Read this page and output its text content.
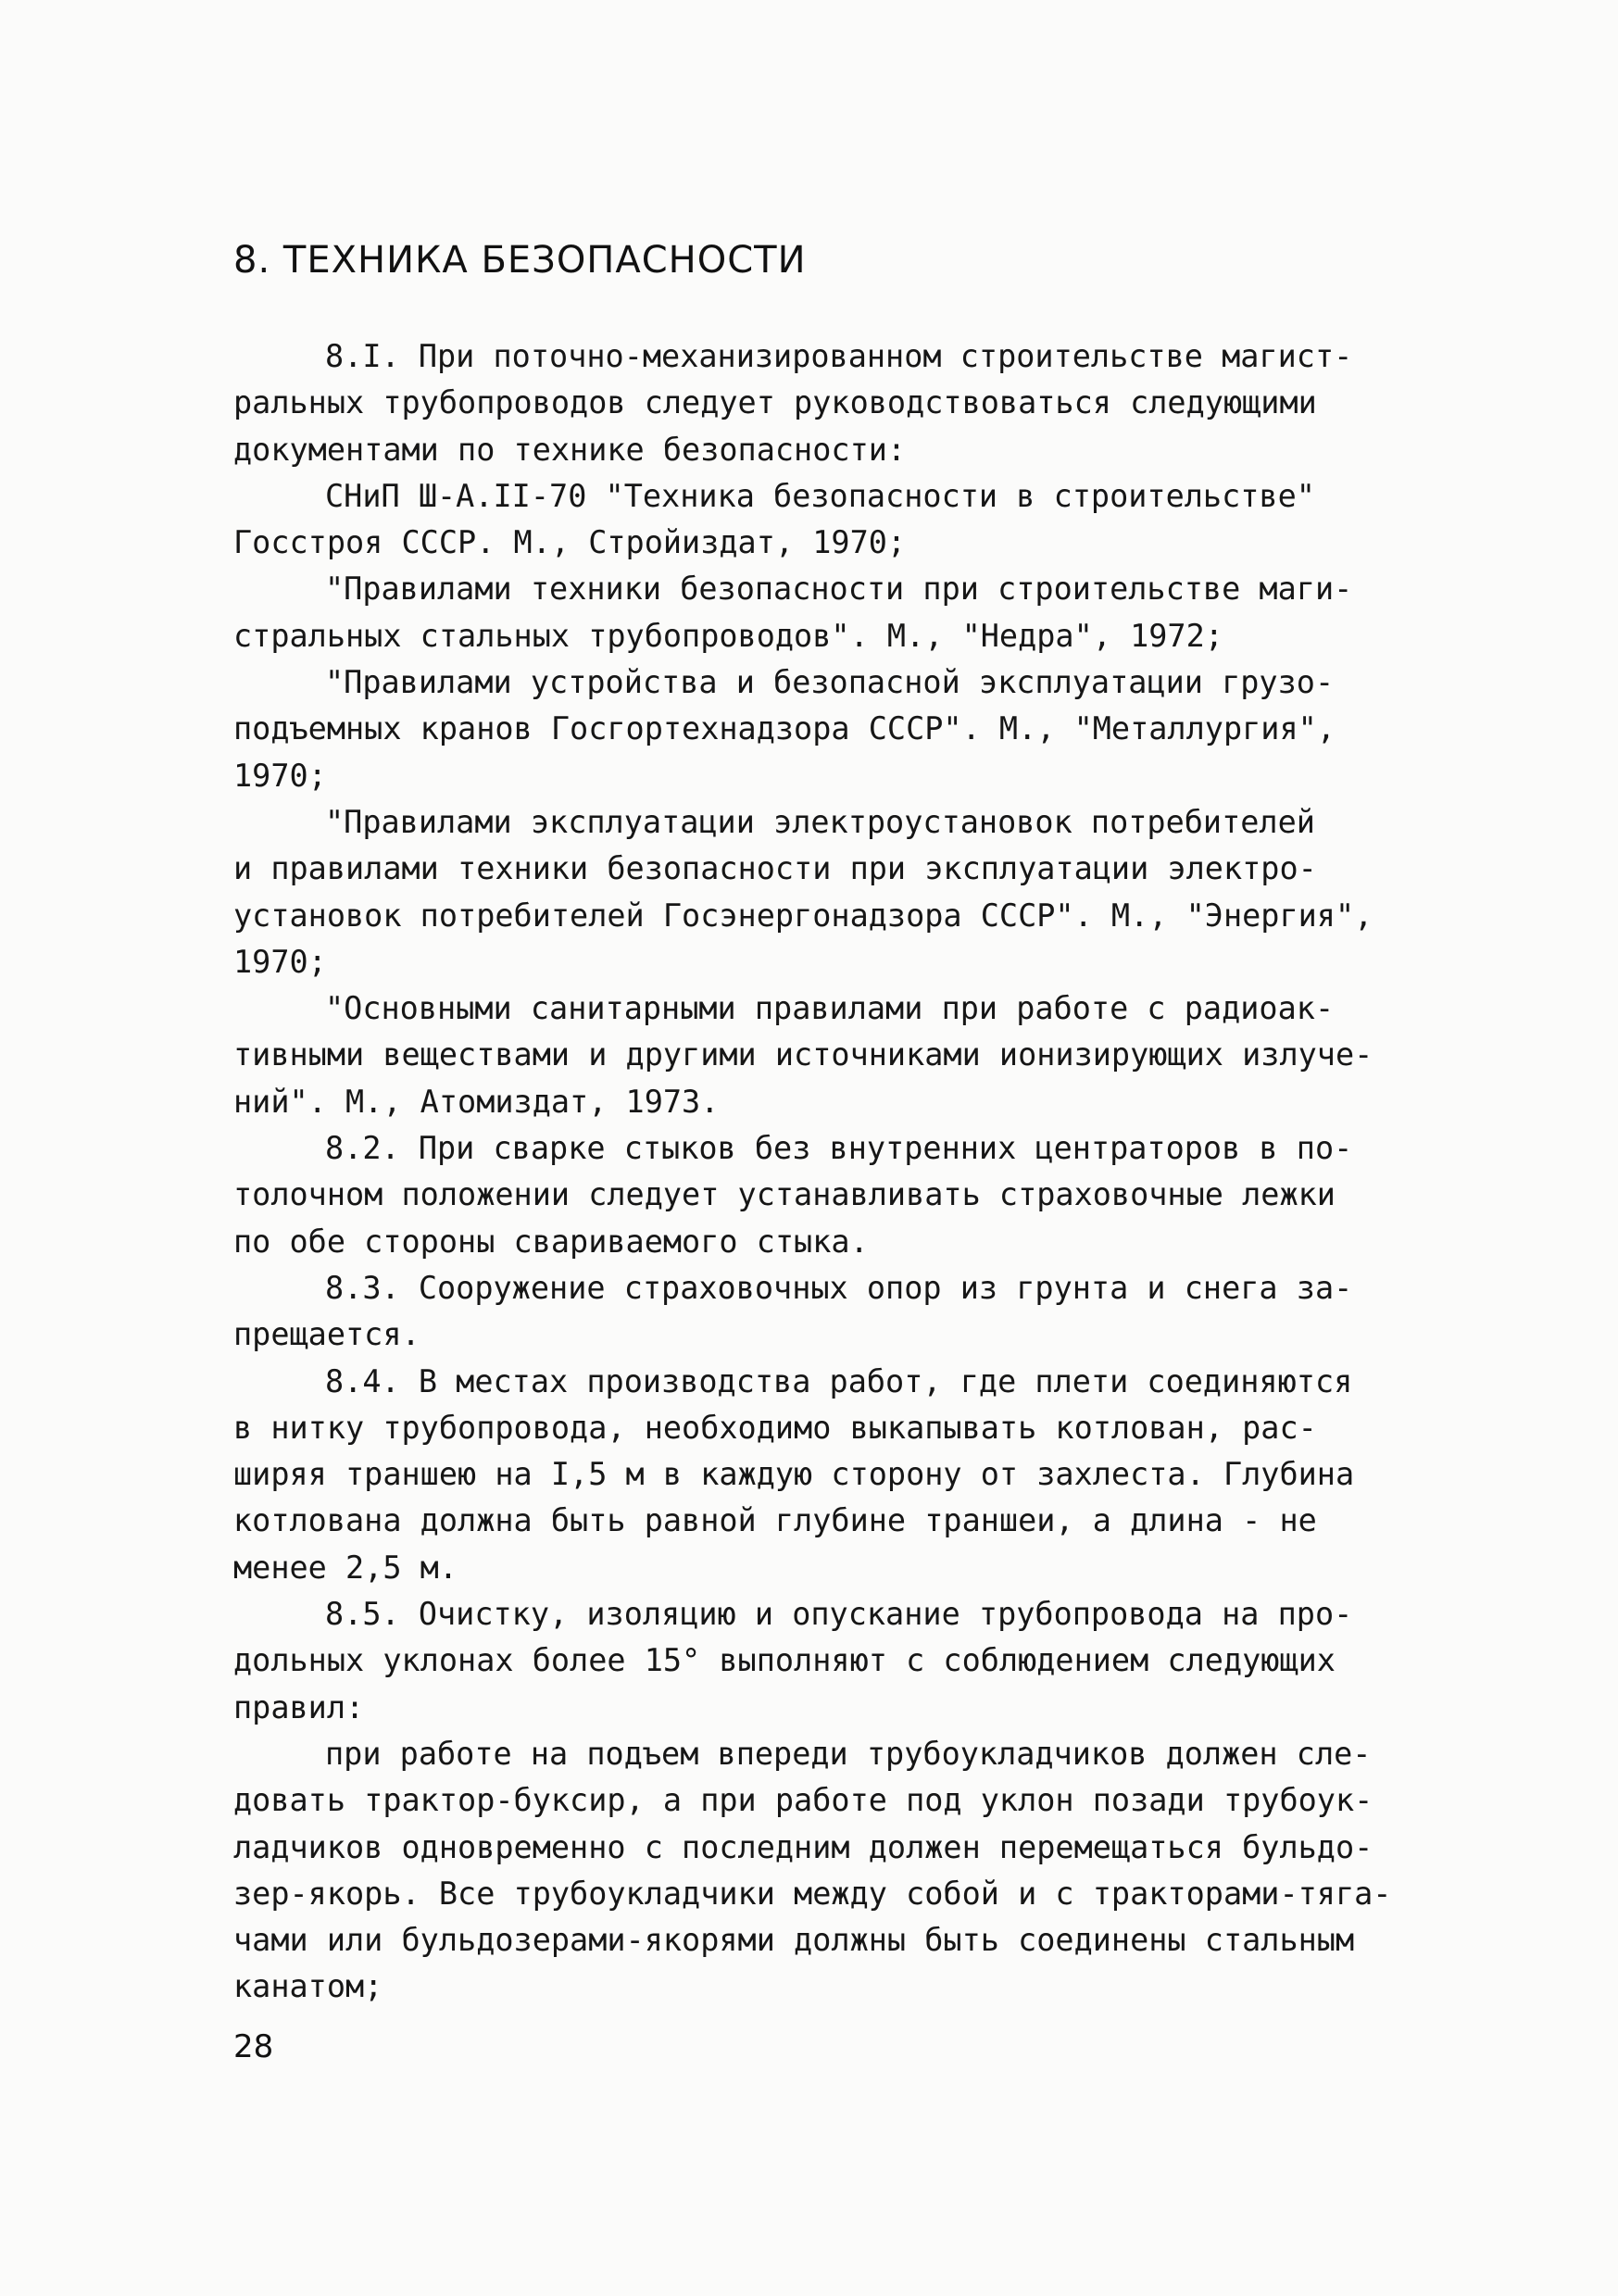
8. ТЕХНИКА БЕЗОПАСНОСТИ
8.I. При поточно-механизированном строительстве магист-
ральных трубопроводов следует руководствоваться следующими
документами по технике безопасности:
СНиП Ш-А.II-70 "Техника безопасности в строительстве"
Госстроя СССР. М., Стройиздат, 1970;
"Правилами техники безопасности при строительстве маги-
стральных стальных трубопроводов". М., "Недра", 1972;
"Правилами устройства и безопасной эксплуатации грузо-
подъемных кранов Госгортехнадзора СССР". М., "Металлургия",
1970;
"Правилами эксплуатации электроустановок потребителей
и правилами техники безопасности при эксплуатации электро-
установок потребителей Госэнергонадзора СССР". М., "Энергия",
1970;
"Основными санитарными правилами при работе с радиоак-
тивными веществами и другими источниками ионизирующих излуче-
ний". М., Атомиздат, 1973.
8.2. При сварке стыков без внутренних центраторов в по-
толочном положении следует устанавливать страховочные лежки
по обе стороны свариваемого стыка.
8.3. Сооружение страховочных опор из грунта и снега за-
прещается.
8.4. В местах производства работ, где плети соединяются
в нитку трубопровода, необходимо выкапывать котлован, рас-
ширяя траншею на I,5 м в каждую сторону от захлеста. Глубина
котлована должна быть равной глубине траншеи, а длина - не
менее 2,5 м.
8.5. Очистку, изоляцию и опускание трубопровода на про-
дольных уклонах более 15° выполняют с соблюдением следующих
правил:
при работе на подъем впереди трубоукладчиков должен сле-
довать трактор-буксир, а при работе под уклон позади трубоук-
ладчиков одновременно с последним должен перемещаться бульдо-
зер-якорь. Все трубоукладчики между собой и с тракторами-тяга-
чами или бульдозерами-якорями должны быть соединены стальным
канатом;
28
